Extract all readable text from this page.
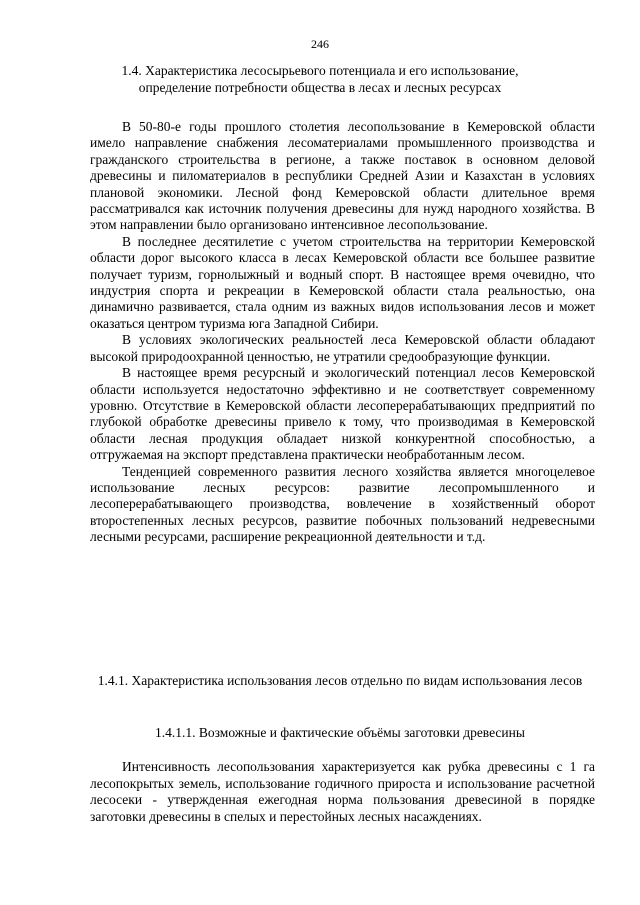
246
1.4. Характеристика лесосырьевого потенциала и его использование, определение потребности общества в лесах и лесных ресурсах

В 50-80-е годы прошлого столетия лесопользование в Кемеровской области имело направление снабжения лесоматериалами промышленного производства и гражданского строительства в регионе, а также поставок в основном деловой древесины и пиломатериалов в республики Средней Азии и Казахстан в условиях плановой экономики. Лесной фонд Кемеровской области длительное время рассматривался как источник получения древесины для нужд народного хозяйства. В этом направлении было организовано интенсивное лесопользование.

В последнее десятилетие с учетом строительства на территории Кемеровской области дорог высокого класса в лесах Кемеровской области все большее развитие получает туризм, горнолыжный и водный спорт. В настоящее время очевидно, что индустрия спорта и рекреации в Кемеровской области стала реальностью, она динамично развивается, стала одним из важных видов использования лесов и может оказаться центром туризма юга Западной Сибири.

В условиях экологических реальностей леса Кемеровской области обладают высокой природоохранной ценностью, не утратили средообразующие функции.

В настоящее время ресурсный и экологический потенциал лесов Кемеровской области используется недостаточно эффективно и не соответствует современному уровню. Отсутствие в Кемеровской области лесоперерабатывающих предприятий по глубокой обработке древесины привело к тому, что производимая в Кемеровской области лесная продукция обладает низкой конкурентной способностью, а отгружаемая на экспорт представлена практически необработанным лесом.

Тенденцией современного развития лесного хозяйства является многоцелевое использование лесных ресурсов: развитие лесопромышленного и лесоперерабатывающего производства, вовлечение в хозяйственный оборот второстепенных лесных ресурсов, развитие побочных пользований недревесными лесными ресурсами, расширение рекреационной деятельности и т.д.

1.4.1. Характеристика использования лесов отдельно по видам использования лесов
1.4.1.1. Возможные и фактические объёмы заготовки древесины

Интенсивность лесопользования характеризуется как рубка древесины с 1 га лесопокрытых земель, использование годичного прироста и использование расчетной лесосеки - утвержденная ежегодная норма пользования древесиной в порядке заготовки древесины в спелых и перестойных лесных насаждениях.
